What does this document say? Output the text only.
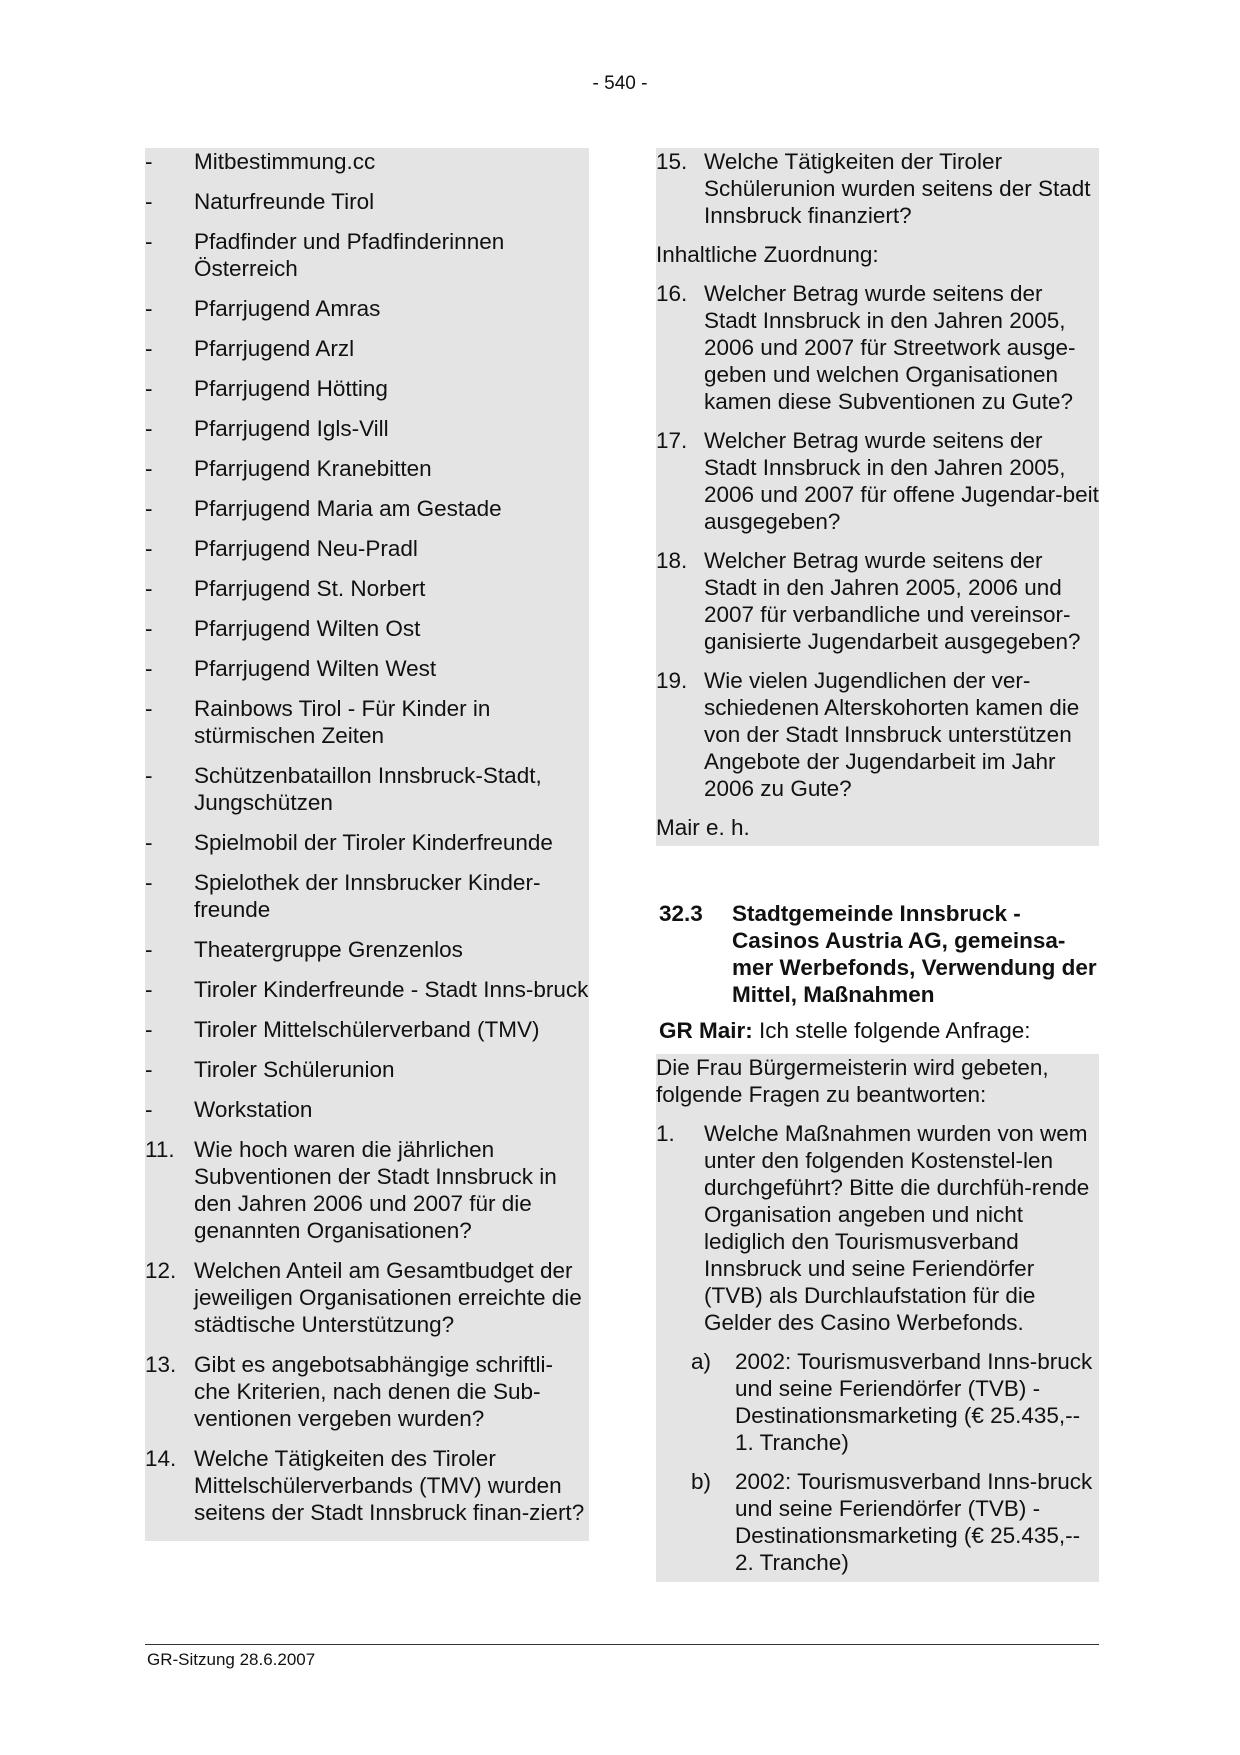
- 540 -
-	Mitbestimmung.cc
-	Naturfreunde Tirol
-	Pfadfinder und Pfadfinderinnen Österreich
-	Pfarrjugend Amras
-	Pfarrjugend Arzl
-	Pfarrjugend Hötting
-	Pfarrjugend Igls-Vill
-	Pfarrjugend Kranebitten
-	Pfarrjugend Maria am Gestade
-	Pfarrjugend Neu-Pradl
-	Pfarrjugend St. Norbert
-	Pfarrjugend Wilten Ost
-	Pfarrjugend Wilten West
-	Rainbows Tirol - Für Kinder in stürmischen Zeiten
-	Schützenbataillon Innsbruck-Stadt, Jungschützen
-	Spielmobil der Tiroler Kinderfreunde
-	Spielothek der Innsbrucker Kinder-freunde
-	Theatergruppe Grenzenlos
-	Tiroler Kinderfreunde - Stadt Inns-bruck
-	Tiroler Mittelschülerverband (TMV)
-	Tiroler Schülerunion
-	Workstation
11. Wie hoch waren die jährlichen Subventionen der Stadt Innsbruck in den Jahren 2006 und 2007 für die genannten Organisationen?
12. Welchen Anteil am Gesamtbudget der jeweiligen Organisationen erreichte die städtische Unterstützung?
13. Gibt es angebotsabhängige schriftli-che Kriterien, nach denen die Sub-ventionen vergeben wurden?
14. Welche Tätigkeiten des Tiroler Mittelschülerverbands (TMV) wurden seitens der Stadt Innsbruck finan-ziert?
15. Welche Tätigkeiten der Tiroler Schülerunion wurden seitens der Stadt Innsbruck finanziert?
Inhaltliche Zuordnung:
16. Welcher Betrag wurde seitens der Stadt Innsbruck in den Jahren 2005, 2006 und 2007 für Streetwork ausge-geben und welchen Organisationen kamen diese Subventionen zu Gute?
17. Welcher Betrag wurde seitens der Stadt Innsbruck in den Jahren 2005, 2006 und 2007 für offene Jugendar-beit ausgegeben?
18. Welcher Betrag wurde seitens der Stadt in den Jahren 2005, 2006 und 2007 für verbandliche und vereinsor-ganisierte Jugendarbeit ausgegeben?
19. Wie vielen Jugendlichen der ver-schiedenen Alterskohorten kamen die von der Stadt Innsbruck unterstützen Angebote der Jugendarbeit im Jahr 2006 zu Gute?
Mair e. h.
32.3	Stadtgemeinde Innsbruck - Casinos Austria AG, gemeinsa-mer Werbefonds, Verwendung der Mittel, Maßnahmen
GR Mair: Ich stelle folgende Anfrage:
Die Frau Bürgermeisterin wird gebeten, folgende Fragen zu beantworten:
1.	Welche Maßnahmen wurden von wem unter den folgenden Kostenstel-len durchgeführt? Bitte die durchfüh-rende Organisation angeben und nicht lediglich den Tourismusverband Innsbruck und seine Feriendörfer (TVB) als Durchlaufstation für die Gelder des Casino Werbefonds.
a)	2002: Tourismusverband Inns-bruck und seine Feriendörfer (TVB) - Destinationsmarketing (€ 25.435,-- 1. Tranche)
b)	2002: Tourismusverband Inns-bruck und seine Feriendörfer (TVB) - Destinationsmarketing (€ 25.435,-- 2. Tranche)
GR-Sitzung 28.6.2007
